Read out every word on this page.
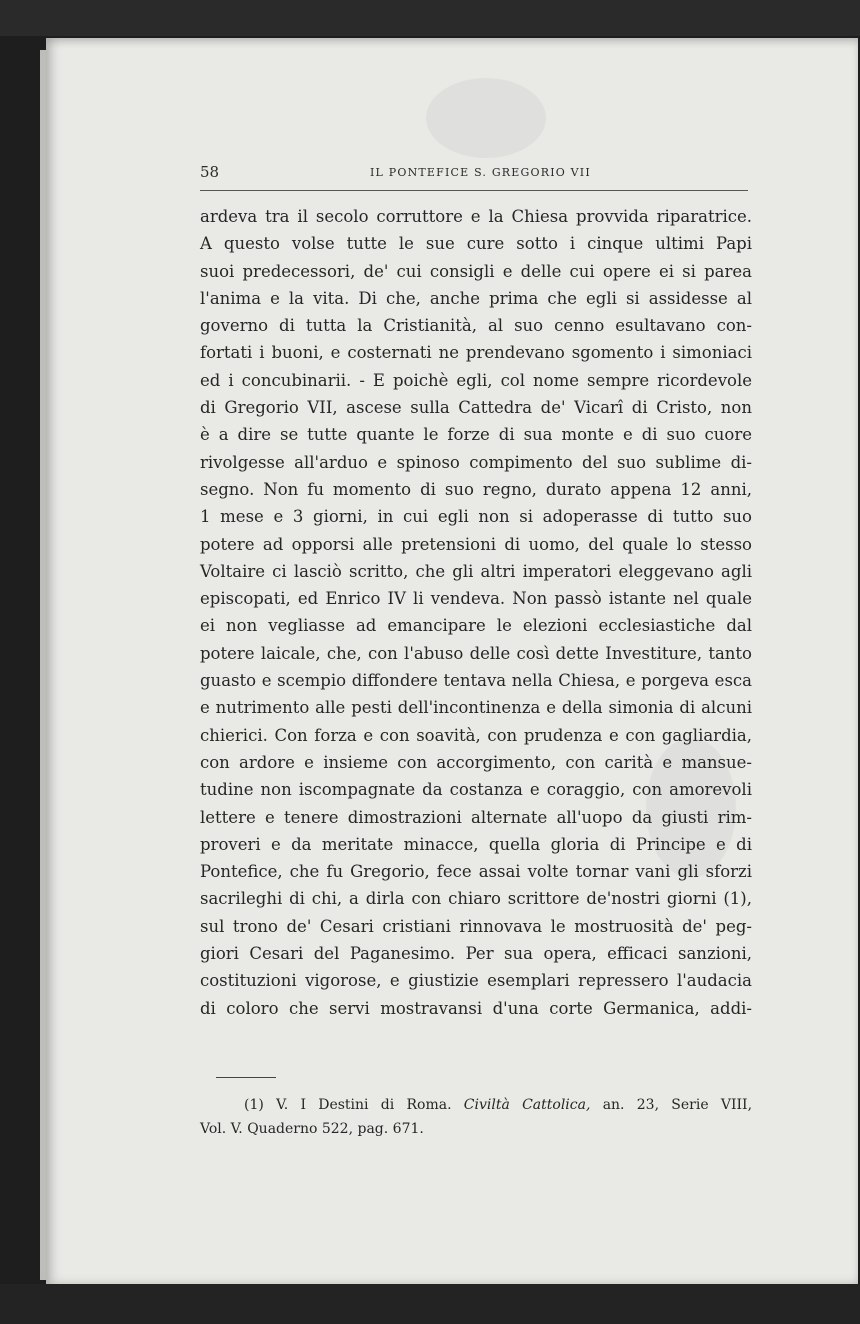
58	IL PONTEFICE S. GREGORIO VII
ardeva tra il secolo corruttore e la Chiesa provvida riparatrice.
A questo volse tutte le sue cure sotto i cinque ultimi Papi
suoi predecessori, de' cui consigli e delle cui opere ei si parea
l'anima e la vita. Di che, anche prima che egli si assidesse al
governo di tutta la Cristianità, al suo cenno esultavano con-
fortati i buoni, e costernati ne prendevano sgomento i simoniaci
ed i concubinarii. - E poichè egli, col nome sempre ricordevole
di Gregorio VII, ascese sulla Cattedra de' Vicarî di Cristo, non
è a dire se tutte quante le forze di sua monte e di suo cuore
rivolgesse all'arduo e spinoso compimento del suo sublime di-
segno. Non fu momento di suo regno, durato appena 12 anni,
1 mese e 3 giorni, in cui egli non si adoperasse di tutto suo
potere ad opporsi alle pretensioni di uomo, del quale lo stesso
Voltaire ci lasciò scritto, che gli altri imperatori eleggevano agli
episcopati, ed Enrico IV li vendeva. Non passò istante nel quale
ei non vegliasse ad emancipare le elezioni ecclesiastiche dal
potere laicale, che, con l'abuso delle così dette Investiture, tanto
guasto e scempio diffondere tentava nella Chiesa, e porgeva esca
e nutrimento alle pesti dell'incontinenza e della simonia di alcuni
chierici. Con forza e con soavità, con prudenza e con gagliardia,
con ardore e insieme con accorgimento, con carità e mansue-
tudine non iscompagnate da costanza e coraggio, con amorevoli
lettere e tenere dimostrazioni alternate all'uopo da giusti rim-
proveri e da meritate minacce, quella gloria di Principe e di
Pontefice, che fu Gregorio, fece assai volte tornar vani gli sforzi
sacrileghi di chi, a dirla con chiaro scrittore de'nostri giorni (1),
sul trono de' Cesari cristiani rinnovava le mostruosità de' peg-
giori Cesari del Paganesimo. Per sua opera, efficaci sanzioni,
costituzioni vigorose, e giustizie esemplari repressero l'audacia
di coloro che servi mostravansi d'una corte Germanica, addi-
(1) V. I Destini di Roma. Civiltà Cattolica, an. 23, Serie VIII,
Vol. V. Quaderno 522, pag. 671.
